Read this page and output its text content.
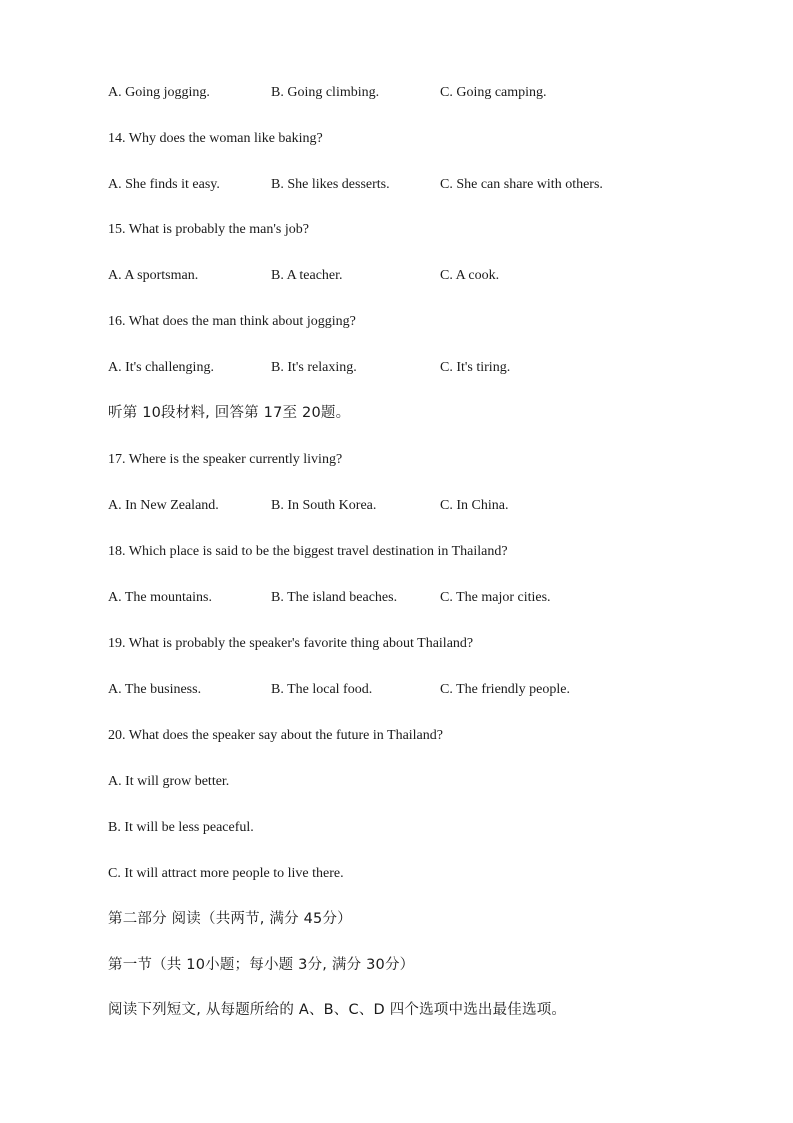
A. Going jogging.	B. Going climbing.	C. Going camping.
14. Why does the woman like baking?
A. She finds it easy.	B. She likes desserts.	C. She can share with others.
15. What is probably the man's job?
A. A sportsman.	B. A teacher.	C. A cook.
16. What does the man think about jogging?
A. It's challenging.	B. It's relaxing.	C. It's tiring.
听第 10段材料, 回答第 17至 20题。
17. Where is the speaker currently living?
A. In New Zealand.	B. In South Korea.	C. In China.
18. Which place is said to be the biggest travel destination in Thailand?
A. The mountains.	B. The island beaches.	C. The major cities.
19. What is probably the speaker's favorite thing about Thailand?
A. The business.	B. The local food.	C. The friendly people.
20. What does the speaker say about the future in Thailand?
A. It will grow better.
B. It will be less peaceful.
C. It will attract more people to live there.
第二部分 阅读（共两节, 满分 45分）
第一节（共 10小题；每小题 3分, 满分 30分）
阅读下列短文, 从每题所给的 A、B、C、D 四个选项中选出最佳选项。
